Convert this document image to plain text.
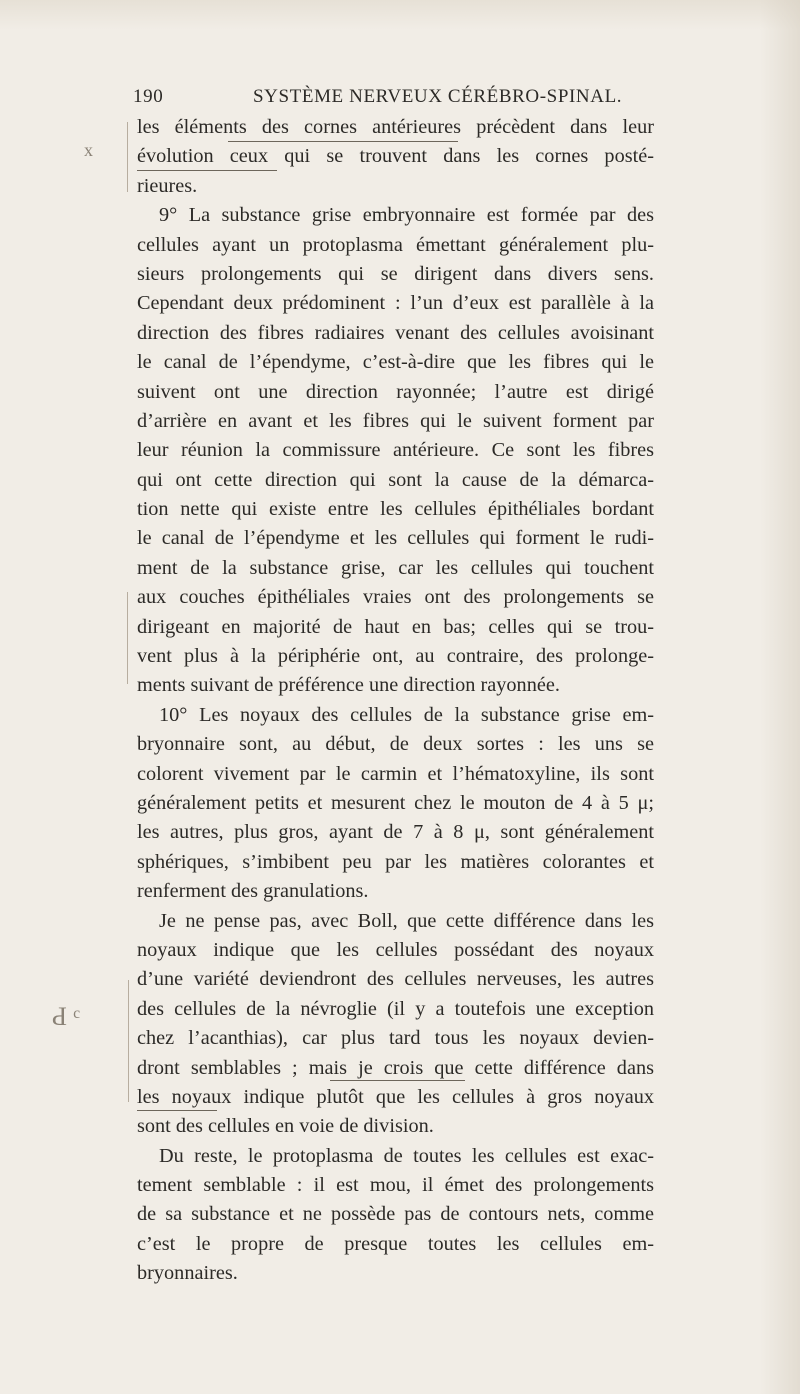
190	SYSTÈME NERVEUX CÉRÉBRO-SPINAL.
x
Ԁ ᶜ
les éléments des cornes antérieures précèdent dans leur
évolution ceux qui se trouvent dans les cornes posté-
rieures.
9° La substance grise embryonnaire est formée par des
cellules ayant un protoplasma émettant généralement plu-
sieurs prolongements qui se dirigent dans divers sens.
Cependant deux prédominent : l’un d’eux est parallèle à la
direction des fibres radiaires venant des cellules avoisinant
le canal de l’épendyme, c’est-à-dire que les fibres qui le
suivent ont une direction rayonnée; l’autre est dirigé
d’arrière en avant et les fibres qui le suivent forment par
leur réunion la commissure antérieure. Ce sont les fibres
qui ont cette direction qui sont la cause de la démarca-
tion nette qui existe entre les cellules épithéliales bordant
le canal de l’épendyme et les cellules qui forment le rudi-
ment de la substance grise, car les cellules qui touchent
aux couches épithéliales vraies ont des prolongements se
dirigeant en majorité de haut en bas; celles qui se trou-
vent plus à la périphérie ont, au contraire, des prolonge-
ments suivant de préférence une direction rayonnée.
10° Les noyaux des cellules de la substance grise em-
bryonnaire sont, au début, de deux sortes : les uns se
colorent vivement par le carmin et l’hématoxyline, ils sont
généralement petits et mesurent chez le mouton de 4 à 5 μ;
les autres, plus gros, ayant de 7 à 8 μ, sont généralement
sphériques, s’imbibent peu par les matières colorantes et
renferment des granulations.
Je ne pense pas, avec Boll, que cette différence dans les
noyaux indique que les cellules possédant des noyaux
d’une variété deviendront des cellules nerveuses, les autres
des cellules de la névroglie (il y a toutefois une exception
chez l’acanthias), car plus tard tous les noyaux devien-
dront semblables ; mais je crois que cette différence dans
les noyaux indique plutôt que les cellules à gros noyaux
sont des cellules en voie de division.
Du reste, le protoplasma de toutes les cellules est exac-
tement semblable : il est mou, il émet des prolongements
de sa substance et ne possède pas de contours nets, comme
c’est le propre de presque toutes les cellules em-
bryonnaires.
